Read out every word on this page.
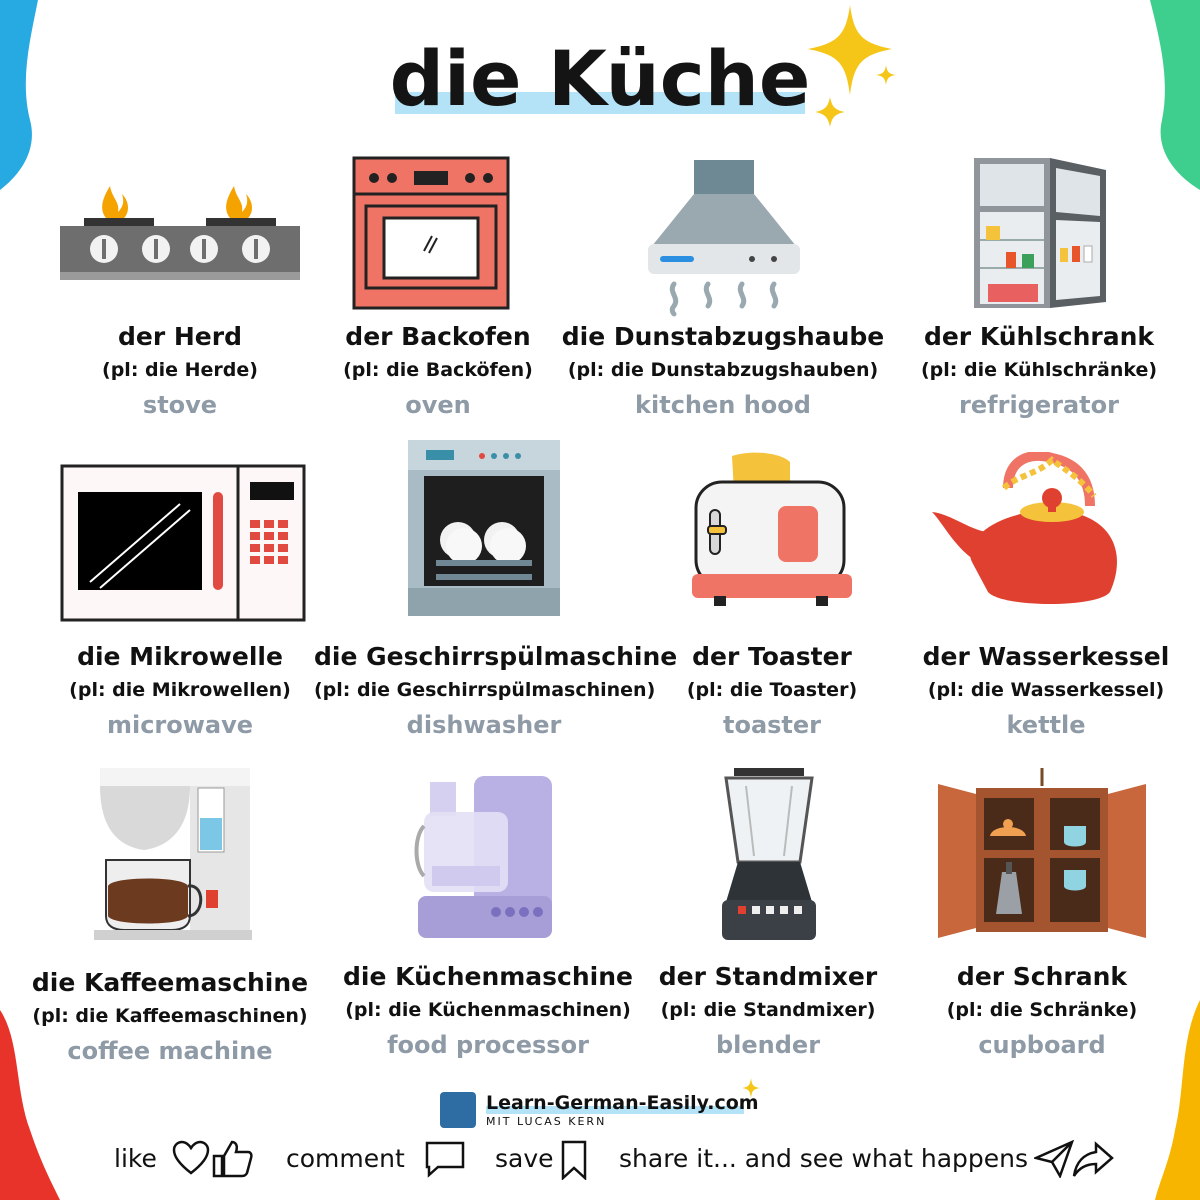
die Küche
der Herd
(pl: die Herde)
stove
der Backofen
(pl: die Backöfen)
oven
die Dunstabzugshaube
(pl: die Dunstabzugshauben)
kitchen hood
der Kühlschrank
(pl: die Kühlschränke)
refrigerator
die Mikrowelle
(pl: die Mikrowellen)
microwave
die Geschirrspülmaschine
(pl: die Geschirrspülmaschinen)
dishwasher
der Toaster
(pl: die Toaster)
toaster
der Wasserkessel
(pl: die Wasserkessel)
kettle
die Kaffeemaschine
(pl: die Kaffeemaschinen)
coffee machine
die Küchenmaschine
(pl: die Küchenmaschinen)
food processor
der Standmixer
(pl: die Standmixer)
blender
der Schrank
(pl: die Schränke)
cupboard
Learn-German-Easily.com
MIT LUCAS KERN
like	comment	save	share it... and see what happens
